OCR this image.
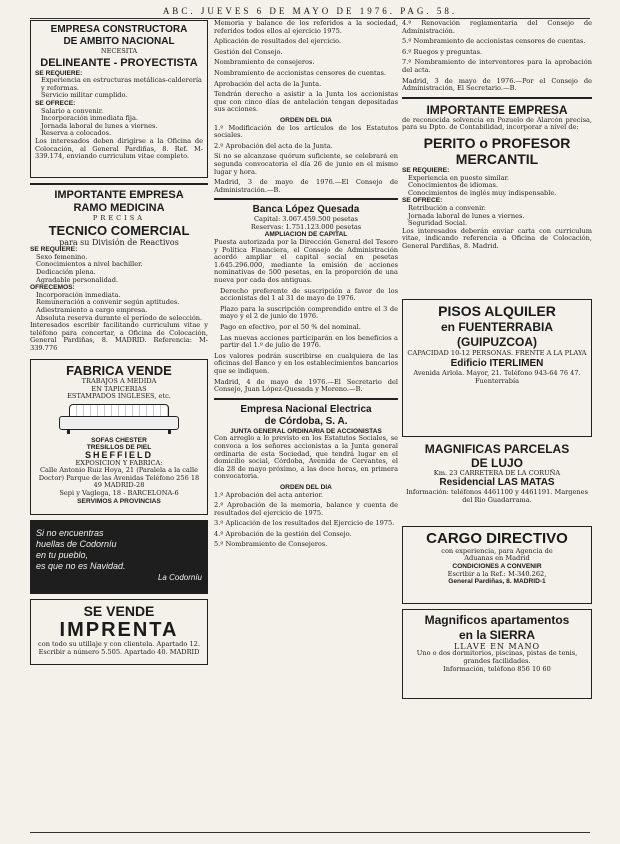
ABC. JUEVES 6 DE MAYO DE 1976. PAG. 58.
EMPRESA CONSTRUCTORA
DE AMBITO NACIONAL
NECESITA
DELINEANTE - PROYECTISTA
SE REQUIERE:
Experiencia en estructuras metálicas-calderería y reformas.
Servicio militar cumplido.
SE OFRECE:
Salario a convenir.
Incorporación inmediata fija.
Jornada laboral de lunes a viernes.
Reserva a colocados.
Los interesados deben dirigirse a la Oficina de Colocación, al General Pardiñas, 8. Ref. M-339.174, enviando curriculum vitae completo.
IMPORTANTE EMPRESA
RAMO MEDICINA
PRECISA
TECNICO COMERCIAL
para su División de Reactivos
SE REQUIERE:
Sexo femenino.
Conocimientos a nivel bachiller.
Dedicación plena.
Agradable personalidad.
OFRECEMOS:
Incorporación inmediata.
Remuneración a convenir según aptitudes.
Adiestramiento a cargo empresa.
Absoluta reserva durante el período de selección.
Interesados escribir facilitando curriculum vitae y teléfono para concertar, a Oficina de Colocación, General Pardiñas, 8. MADRID. Referencia: M-339.776
FABRICA VENDE
TRABAJOS A MEDIDA
EN TAPICERIAS
ESTAMPADOS INGLESES, etc.
SOFAS CHESTER
TRESILLOS DE PIEL
SHEFFIELD
EXPOSICION Y FABRICA:
Calle Antonio Ruiz Hoya, 21 (Paralela a la calle Doctor) Parque de las Avenidas Teléfono 256 18 49 MADRID-28
Sepi y Vaglega, 18 - BARCELONA-6
SERVIMOS A PROVINCIAS
Si no encuentras
huellas de Codorníu
en tu pueblo,
es que no es Navidad.
La Codorníu
SE VENDE
IMPRENTA
con todo su utillaje y con clientela. Apartado 12. Escribir a número 5.505. Apartado 40. MADRID
Memoria y balance de los referidos a la sociedad, referidos todos ellos al ejercicio 1975.
Aplicación de resultados del ejercicio.
Gestión del Consejo.
Nombramiento de consejeros.
Nombramiento de accionistas censores de cuentas.
Aprobación del acta de la Junta.
Tendrán derecho a asistir a la Junta los accionistas que con cinco días de antelación tengan depositadas sus acciones.
ORDEN DEL DIA
1.º Modificación de los artículos de los Estatutos sociales.
2.º Aprobación del acta de la Junta.
Si no se alcanzase quórum suficiente, se celebrará en segunda convocatoria el día 26 de junio en el mismo lugar y hora.
Madrid, 3 de mayo de 1976.—El Consejo de Administración.—B.
Banca López Quesada
Capital: 3.067.459.500 pesetas
Reservas: 1.751.123.000 pesetas
AMPLIACION DE CAPITAL
Puesta autorizada por la Dirección General del Tesoro y Política Financiera, el Consejo de Administración acordó ampliar el capital social en pesetas 1.645.296.000, mediante la emisión de acciones nominativas de 500 pesetas, en la proporción de una nueva por cada dos antiguas.
Derecho preferente de suscripción a favor de los accionistas del 1 al 31 de mayo de 1976.
Plazo para la suscripción comprendido entre el 3 de mayo y el 2 de junio de 1976.
Pago en efectivo, por el 50 % del nominal.
Las nuevas acciones participarán en los beneficios a partir del 1.º de julio de 1976.
Los valores podrán suscribirse en cualquiera de las oficinas del Banco y en los establecimientos bancarios que se indiquen.
Madrid, 4 de mayo de 1976.—El Secretario del Consejo, Juan López-Quesada y Moreno.—B.
Empresa Nacional Electrica
de Córdoba, S. A.
JUNTA GENERAL ORDINARIA DE ACCIONISTAS
Con arreglo a lo previsto en los Estatutos Sociales, se convoca a los señores accionistas a la Junta general ordinaria de esta Sociedad, que tendrá lugar en el domicilio social, Córdoba, Avenida de Cervantes, el día 28 de mayo próximo, a las doce horas, en primera convocatoria.
ORDEN DEL DIA
1.º Aprobación del acta anterior.
2.º Aprobación de la memoria, balance y cuenta de resultados del ejercicio de 1975.
3.º Aplicación de los resultados del Ejercicio de 1975.
4.º Aprobación de la gestión del Consejo.
5.º Nombramiento de Consejeros.
4.º Renovación reglamentaria del Consejo de Administración.
5.º Nombramiento de accionistas censores de cuentas.
6.º Ruegos y preguntas.
7.º Nombramiento de interventores para la aprobación del acta.
Madrid, 3 de mayo de 1976.—Por el Consejo de Administración, El Secretario.—B.
IMPORTANTE EMPRESA
de reconocida solvencia en Pozuelo de Alarcón precisa, para su Dpto. de Contabilidad, incorporar a nivel de:
PERITO o PROFESOR
MERCANTIL
SE REQUIERE:
Experiencia en puesto similar.
Conocimientos de idiomas.
Conocimientos de inglés muy indispensable.
SE OFRECE:
Retribución a convenir.
Jornada laboral de lunes a viernes.
Seguridad Social.
Los interesados deberán enviar carta con curriculum vitae, indicando referencia a Oficina de Colocación, General Pardiñas, 8. Madrid.
PISOS ALQUILER
en FUENTERRABIA
(GUIPUZCOA)
CAPACIDAD 10-12 PERSONAS. FRENTE A LA PLAYA
Edificio ITERLIMEN
Avenida Arlola. Mayor, 21. Teléfono 943-64 76 47. Fuenterrabía
MAGNIFICAS PARCELAS
DE LUJO
Km. 23 CARRETERA DE LA CORUÑA
Residencial LAS MATAS
Información: teléfonos 4461100 y 4461191. Margenes del Rio Guadarrama.
CARGO DIRECTIVO
con experiencia, para Agencia de
Aduanas en Madrid
CONDICIONES A CONVENIR
Escribir a la Ref.: M-340.262,
General Pardiñas, 8. MADRID-1
Magnificos apartamentos
en la SIERRA
LLAVE EN MANO
Uno o dos dormitorios, piscinas, pistas de tenis, grandes facilidades.
Información, teléfono 856 10 60
